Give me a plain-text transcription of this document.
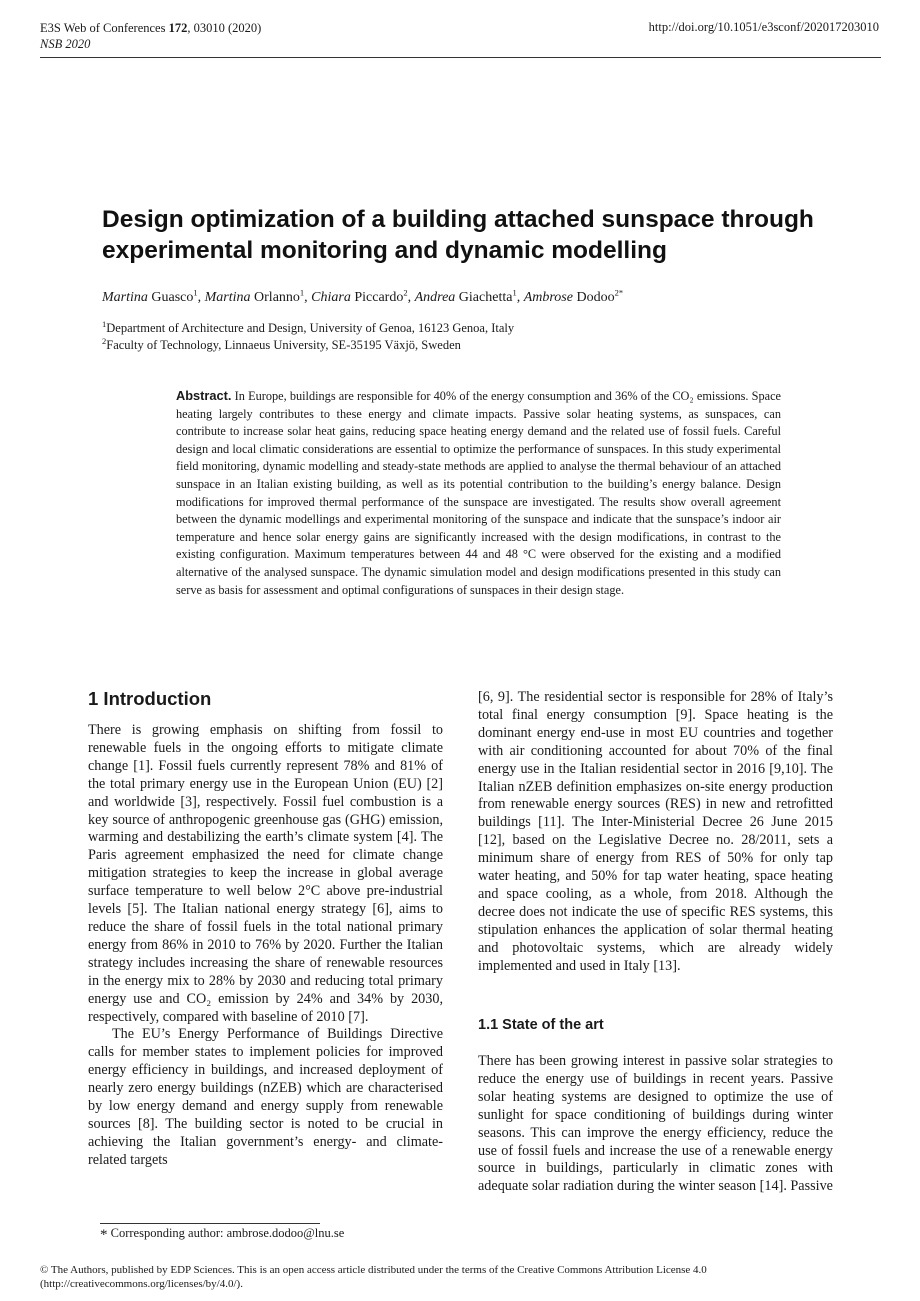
E3S Web of Conferences 172, 03010 (2020)
NSB 2020
http://doi.org/10.1051/e3sconf/202017203010
Design optimization of a building attached sunspace through
experimental monitoring and dynamic modelling
Martina Guasco$^1$, Martina Orlanno$^1$, Chiara Piccardo$^2$, Andrea Giachetta$^1$, Ambrose Dodoo$^{2*}$
$^1$Department of Architecture and Design, University of Genoa, 16123 Genoa, Italy
$^2$Faculty of Technology, Linnaeus University, SE-35195 Växjö, Sweden
Abstract. In Europe, buildings are responsible for 40% of the energy consumption and 36% of the CO₂ emissions. Space heating largely contributes to these energy and climate impacts. Passive solar heating systems, as sunspaces, can contribute to increase solar heat gains, reducing space heating energy demand and the related use of fossil fuels. Careful design and local climatic considerations are essential to optimize the performance of sunspaces. In this study experimental field monitoring, dynamic modelling and steady-state methods are applied to analyse the thermal behaviour of an attached sunspace in an Italian existing building, as well as its potential contribution to the building’s energy balance. Design modifications for improved thermal performance of the sunspace are investigated. The results show overall agreement between the dynamic modellings and experimental monitoring of the sunspace and indicate that the sunspace’s indoor air temperature and hence solar energy gains are significantly increased with the design modifications, in contrast to the existing configuration. Maximum temperatures between 44 and 48 °C were observed for the existing and a modified alternative of the analysed sunspace. The dynamic simulation model and design modifications presented in this study can serve as basis for assessment and optimal configurations of sunspaces in their design stage.
1 Introduction

There is growing emphasis on shifting from fossil to renewable fuels in the ongoing efforts to mitigate climate change [1]. Fossil fuels currently represent 78% and 81% of the total primary energy use in the European Union (EU) [2] and worldwide [3], respectively. Fossil fuel combustion is a key source of anthropogenic greenhouse gas (GHG) emission, warming and destabilizing the earth’s climate system [4]. The Paris agreement emphasized the need for climate change mitigation strategies to keep the increase in global average surface temperature to well below 2°C above pre-industrial levels [5]. The Italian national energy strategy [6], aims to reduce the share of fossil fuels in the total national primary energy from 86% in 2010 to 76% by 2020. Further the Italian strategy includes increasing the share of renewable resources in the energy mix to 28% by 2030 and reducing total primary energy use and CO₂ emission by 24% and 34% by 2030, respectively, compared with baseline of 2010 [7].

The EU’s Energy Performance of Buildings Directive calls for member states to implement policies for improved energy efficiency in buildings, and increased deployment of nearly zero energy buildings (nZEB) which are characterised by low energy demand and energy supply from renewable sources [8]. The building sector is noted to be crucial in achieving the Italian government’s energy- and climate-related targets

[6, 9]. The residential sector is responsible for 28% of Italy’s total final energy consumption [9]. Space heating is the dominant energy end-use in most EU countries and together with air conditioning accounted for about 70% of the final energy use in the Italian residential sector in 2016 [9,10]. The Italian nZEB definition emphasizes on-site energy production from renewable energy sources (RES) in new and retrofitted buildings [11]. The Inter-Ministerial Decree 26 June 2015 [12], based on the Legislative Decree no. 28/2011, sets a minimum share of energy from RES of 50% for only tap water heating, and 50% for tap water heating, space heating and space cooling, as a whole, from 2018. Although the decree does not indicate the use of specific RES systems, this stipulation enhances the application of solar thermal heating and photovoltaic systems, which are already widely implemented and used in Italy [13].

1.1 State of the art

There has been growing interest in passive solar strategies to reduce the energy use of buildings in recent years. Passive solar heating systems are designed to optimize the use of sunlight for space conditioning of buildings during winter seasons. This can improve the energy efficiency, reduce the use of fossil fuels and increase the use of a renewable energy source in buildings, particularly in climatic zones with adequate solar radiation during the winter season [14]. Passive

* Corresponding author: ambrose.dodoo@lnu.se
© The Authors, published by EDP Sciences. This is an open access article distributed under the terms of the Creative Commons Attribution License 4.0
(http://creativecommons.org/licenses/by/4.0/).
